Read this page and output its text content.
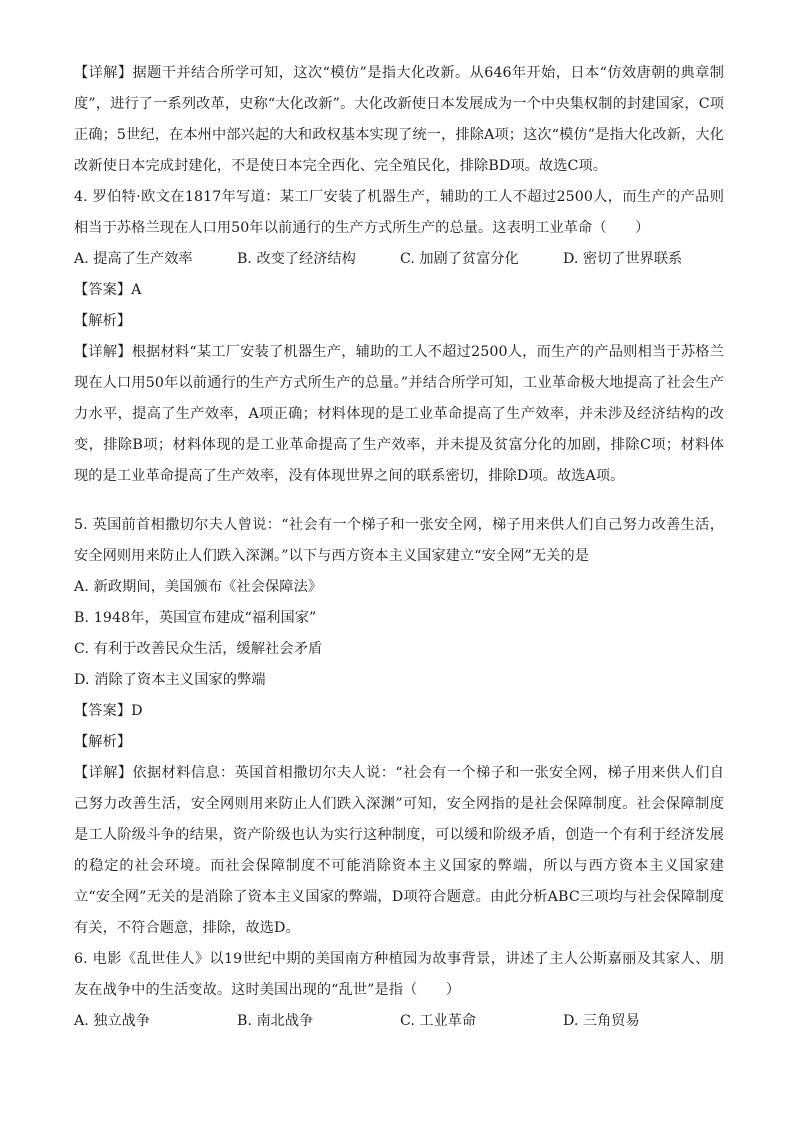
【详解】据题干并结合所学可知，这次“模仿”是指大化改新。从646年开始，日本“仿效唐朝的典章制度”，进行了一系列改革，史称“大化改新”。大化改新使日本发展成为一个中央集权制的封建国家，C项正确；5世纪，在本州中部兴起的大和政权基本实现了统一，排除A项；这次“模仿”是指大化改新，大化改新使日本完成封建化，不是使日本完全西化、完全殖民化，排除BD项。故选C项。

4. 罗伯特·欧文在1817年写道：某工厂安装了机器生产，辅助的工人不超过2500人，而生产的产品则相当于苏格兰现在人口用50年以前通行的生产方式所生产的总量。这表明工业革命（　　）

A. 提高了生产效率	B. 改变了经济结构	C. 加剧了贫富分化	D. 密切了世界联系

【答案】A

【解析】

【详解】根据材料“某工厂安装了机器生产，辅助的工人不超过2500人，而生产的产品则相当于苏格兰现在人口用50年以前通行的生产方式所生产的总量。”并结合所学可知，工业革命极大地提高了社会生产力水平，提高了生产效率，A项正确；材料体现的是工业革命提高了生产效率，并未涉及经济结构的改变，排除B项；材料体现的是工业革命提高了生产效率，并未提及贫富分化的加剧，排除C项；材料体现的是工业革命提高了生产效率，没有体现世界之间的联系密切，排除D项。故选A项。

5. 英国前首相撒切尔夫人曾说：“社会有一个梯子和一张安全网，梯子用来供人们自己努力改善生活，安全网则用来防止人们跌入深渊。”以下与西方资本主义国家建立“安全网”无关的是

A. 新政期间，美国颁布《社会保障法》

B. 1948年，英国宣布建成“福利国家”

C. 有利于改善民众生活，缓解社会矛盾

D. 消除了资本主义国家的弊端

【答案】D

【解析】

【详解】依据材料信息：英国首相撒切尔夫人说：“社会有一个梯子和一张安全网，梯子用来供人们自己努力改善生活，安全网则用来防止人们跌入深渊”可知，安全网指的是社会保障制度。社会保障制度是工人阶级斗争的结果，资产阶级也认为实行这种制度，可以缓和阶级矛盾，创造一个有利于经济发展的稳定的社会环境。而社会保障制度不可能消除资本主义国家的弊端，所以与西方资本主义国家建立“安全网”无关的是消除了资本主义国家的弊端，D项符合题意。由此分析ABC三项均与社会保障制度有关，不符合题意，排除，故选D。

6. 电影《乱世佳人》以19世纪中期的美国南方种植园为故事背景，讲述了主人公斯嘉丽及其家人、朋友在战争中的生活变故。这时美国出现的“乱世”是指（　　）

A. 独立战争	B. 南北战争	C. 工业革命	D. 三角贸易
